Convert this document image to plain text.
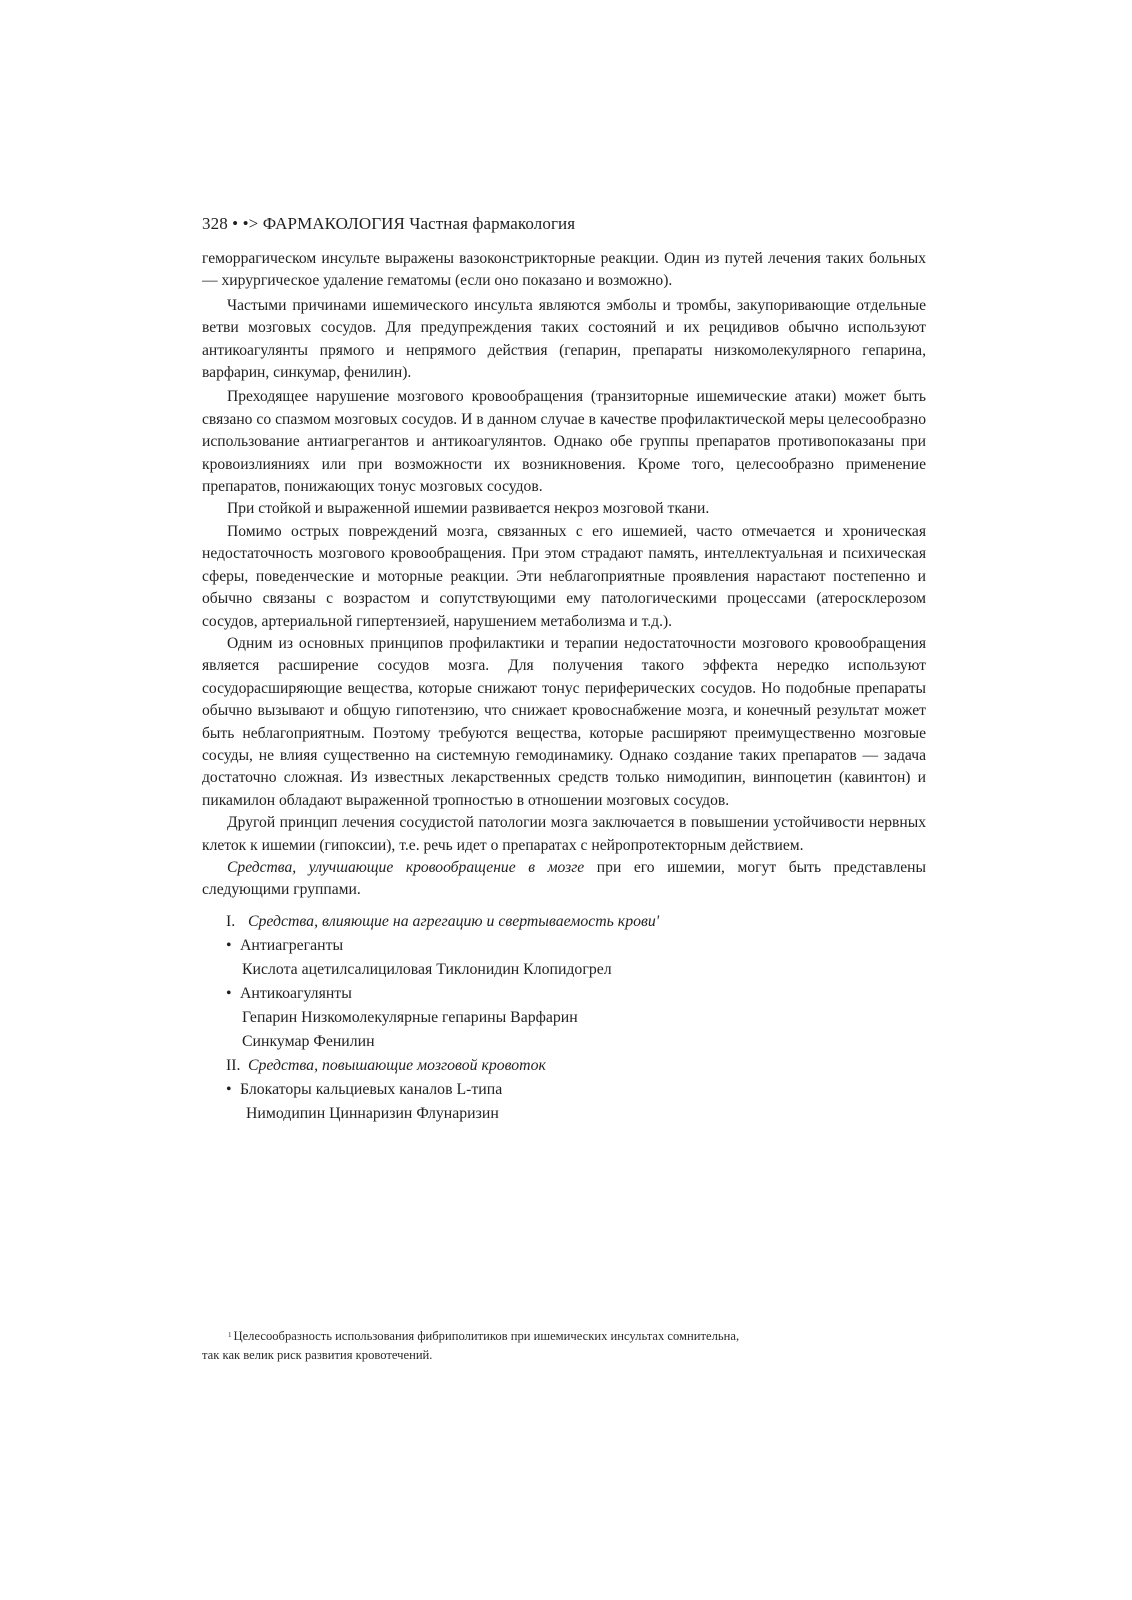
328 • •> ФАРМАКОЛОГИЯ Частная фармакология

геморрагическом инсульте выражены вазоконстрикторные реакции. Один из путей лечения таких больных — хирургическое удаление гематомы (если оно показано и возможно).

Частыми причинами ишемического инсульта являются эмболы и тромбы, закупоривающие отдельные ветви мозговых сосудов. Для предупреждения таких состояний и их рецидивов обычно используют антикоагулянты прямого и непрямого действия (гепарин, препараты низкомолекулярного гепарина, варфарин, синкумар, фенилин).

Преходящее нарушение мозгового кровообращения (транзиторные ишемические атаки) может быть связано со спазмом мозговых сосудов. И в данном случае в качестве профилактической меры целесообразно использование антиагрегантов и антикоагулянтов. Однако обе группы препаратов противопоказаны при кровоизлияниях или при возможности их возникновения. Кроме того, целесообразно применение препаратов, понижающих тонус мозговых сосудов.

При стойкой и выраженной ишемии развивается некроз мозговой ткани.

Помимо острых повреждений мозга, связанных с его ишемией, часто отмечается и хроническая недостаточность мозгового кровообращения. При этом страдают память, интеллектуальная и психическая сферы, поведенческие и моторные реакции. Эти неблагоприятные проявления нарастают постепенно и обычно связаны с возрастом и сопутствующими ему патологическими процессами (атеросклерозом сосудов, артериальной гипертензией, нарушением метаболизма и т.д.).

Одним из основных принципов профилактики и терапии недостаточности мозгового кровообращения является расширение сосудов мозга. Для получения такого эффекта нередко используют сосудорасширяющие вещества, которые снижают тонус периферических сосудов. Но подобные препараты обычно вызывают и общую гипотензию, что снижает кровоснабжение мозга, и конечный результат может быть неблагоприятным. Поэтому требуются вещества, которые расширяют преимущественно мозговые сосуды, не влияя существенно на системную гемодинамику. Однако создание таких препаратов — задача достаточно сложная. Из известных лекарственных средств только нимодипин, винпоцетин (кавинтон) и пикамилон обладают выраженной тропностью в отношении мозговых сосудов.

Другой принцип лечения сосудистой патологии мозга заключается в повышении устойчивости нервных клеток к ишемии (гипоксии), т.е. речь идет о препаратах с нейропротекторным действием.

Средства, улучшающие кровообращение в мозге при его ишемии, могут быть представлены следующими группами.

I. Средства, влияющие на агрегацию и свертываемость крови'
• Антиагреганты
Кислота ацетилсалициловая Тиклонидин Клопидогрел
• Антикоагулянты
Гепарин Низкомолекулярные гепарины Варфарин
Синкумар Фенилин
II. Средства, повышающие мозговой кровоток
• Блокаторы кальциевых каналов L-типа
Нимодипин Циннаризин Флунаризин
$^1$ Целесообразность использования фибриполитиков при ишемических инсультах сомнительна,
так как велик риск развития кровотечений.
